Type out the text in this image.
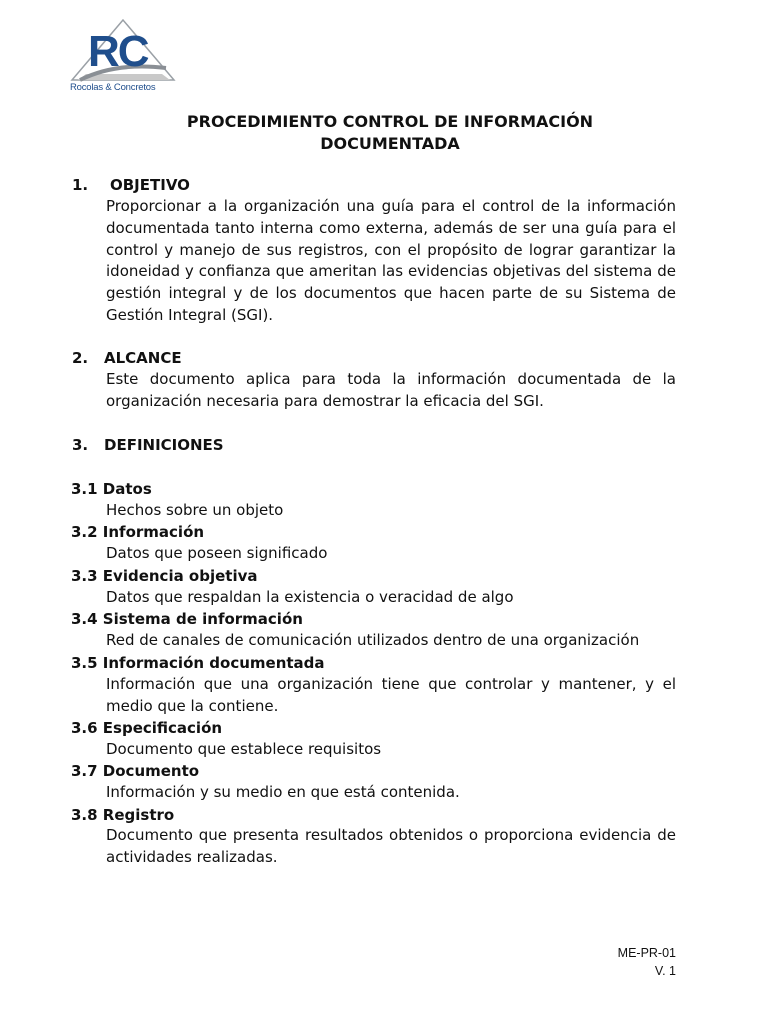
RC
Rocolas & Concretos
PROCEDIMIENTO CONTROL DE INFORMACIÓN
DOCUMENTADA
1. OBJETIVO
Proporcionar a la organización una guía para el control de la información documentada tanto interna como externa, además de ser una guía para el control y manejo de sus registros, con el propósito de lograr garantizar la idoneidad y confianza que ameritan las evidencias objetivas del sistema de gestión integral y de los documentos que hacen parte de su Sistema de Gestión Integral (SGI).
2. ALCANCE
Este documento aplica para toda la información documentada de la organización necesaria para demostrar la eficacia del SGI.
3. DEFINICIONES
3.1 Datos
Hechos sobre un objeto
3.2 Información
Datos que poseen significado
3.3 Evidencia objetiva
Datos que respaldan la existencia o veracidad de algo
3.4 Sistema de información
Red de canales de comunicación utilizados dentro de una organización
3.5 Información documentada
Información que una organización tiene que controlar y mantener, y el medio que la contiene.
3.6 Especificación
Documento que establece requisitos
3.7 Documento
Información y su medio en que está contenida.
3.8 Registro
Documento que presenta resultados obtenidos o proporciona evidencia de actividades realizadas.
ME-PR-01
V. 1
